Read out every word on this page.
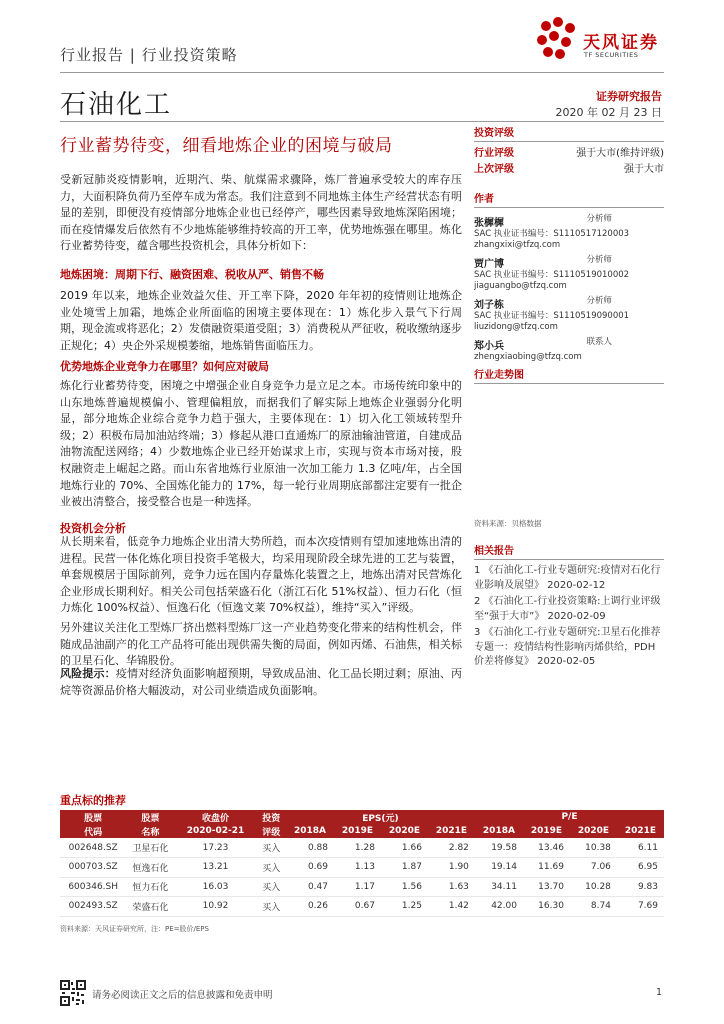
行业报告 | 行业投资策略
天风证券
TF SECURITIES
石油化工	证券研究报告
2020 年 02 月 23 日
行业蓄势待变，细看地炼企业的困境与破局
受新冠肺炎疫情影响，近期汽、柴、航煤需求骤降，炼厂普遍承受较大的库存压力，大面积降负荷乃至停车成为常态。我们注意到不同地炼主体生产经营状态有明显的差别，即便没有疫情部分地炼企业也已经停产，哪些因素导致地炼深陷困境；而在疫情爆发后依然有不少地炼能够维持较高的开工率，优势地炼强在哪里。炼化行业蓄势待变，蕴含哪些投资机会，具体分析如下：
地炼困境：周期下行、融资困难、税收从严、销售不畅
2019 年以来，地炼企业效益欠佳、开工率下降，2020 年年初的疫情则让地炼企业处境雪上加霜，地炼企业所面临的困境主要体现在：1）炼化步入景气下行周期，现金流或将恶化；2）发债融资渠道受阻；3）消费税从严征收，税收缴纳逐步正规化；4）央企外采规模萎缩，地炼销售面临压力。
优势地炼企业竞争力在哪里？如何应对破局
炼化行业蓄势待变，困境之中增强企业自身竞争力是立足之本。市场传统印象中的山东地炼普遍规模偏小、管理偏粗放，而据我们了解实际上地炼企业强弱分化明显，部分地炼企业综合竞争力趋于强大，主要体现在：1）切入化工领域转型升级；2）积极布局加油站终端；3）修起从港口直通炼厂的原油输油管道，自建成品油物流配送网络；4）少数地炼企业已经开始谋求上市，实现与资本市场对接，股权融资走上崛起之路。而山东省地炼行业原油一次加工能力 1.3 亿吨/年，占全国地炼行业的 70%、全国炼化能力的 17%，每一轮行业周期底部都注定要有一批企业被出清整合，接受整合也是一种选择。
投资机会分析
从长期来看，低竞争力地炼企业出清大势所趋，而本次疫情则有望加速地炼出清的进程。民营一体化炼化项目投资手笔极大，均采用现阶段全球先进的工艺与装置，单套规模居于国际前列，竞争力远在国内存量炼化装置之上，地炼出清对民营炼化企业形成长期利好。相关公司包括荣盛石化（浙江石化 51%权益）、恒力石化（恒力炼化 100%权益）、恒逸石化（恒逸文莱 70%权益），维持“买入”评级。
另外建议关注化工型炼厂挤出燃料型炼厂这一产业趋势变化带来的结构性机会，伴随成品油副产的化工产品将可能出现供需失衡的局面，例如丙烯、石油焦，相关标的卫星石化、华锦股份。
风险提示：疫情对经济负面影响超预期，导致成品油、化工品长期过剩；原油、丙烷等资源品价格大幅波动，对公司业绩造成负面影响。
投资评级
行业评级	强于大市(维持评级)
上次评级	强于大市
作者
张樨樨	分析师
SAC 执业证书编号：S1110517120003
zhangxixi@tfzq.com
贾广博	分析师
SAC 执业证书编号：S1110519010002
jiaguangbo@tfzq.com
刘子栋	分析师
SAC 执业证书编号：S1110519090001
liuzidong@tfzq.com
郑小兵	联系人
zhengxiaobing@tfzq.com
行业走势图
资料来源：贝格数据
相关报告
1 《石油化工-行业专题研究:疫情对石化行业影响及展望》 2020-02-12
2 《石油化工-行业投资策略:上调行业评级至“强于大市”》 2020-02-09
3 《石油化工-行业专题研究:卫星石化推荐专题一：疫情结构性影响丙烯供给，PDH 价差将修复》 2020-02-05
重点标的推荐
股票	股票	收盘价	投资	EPS(元)				P/E			
代码	名称	2020-02-21	评级	2018A	2019E	2020E	2021E	2018A	2019E	2020E	2021E
002648.SZ	卫星石化	17.23	买入	0.88	1.28	1.66	2.82	19.58	13.46	10.38	6.11
000703.SZ	恒逸石化	13.21	买入	0.69	1.13	1.87	1.90	19.14	11.69	7.06	6.95
600346.SH	恒力石化	16.03	买入	0.47	1.17	1.56	1.63	34.11	13.70	10.28	9.83
002493.SZ	荣盛石化	10.92	买入	0.26	0.67	1.25	1.42	42.00	16.30	8.74	7.69
资料来源：天风证券研究所，注：PE=股价/EPS
请务必阅读正文之后的信息披露和免责申明	1
